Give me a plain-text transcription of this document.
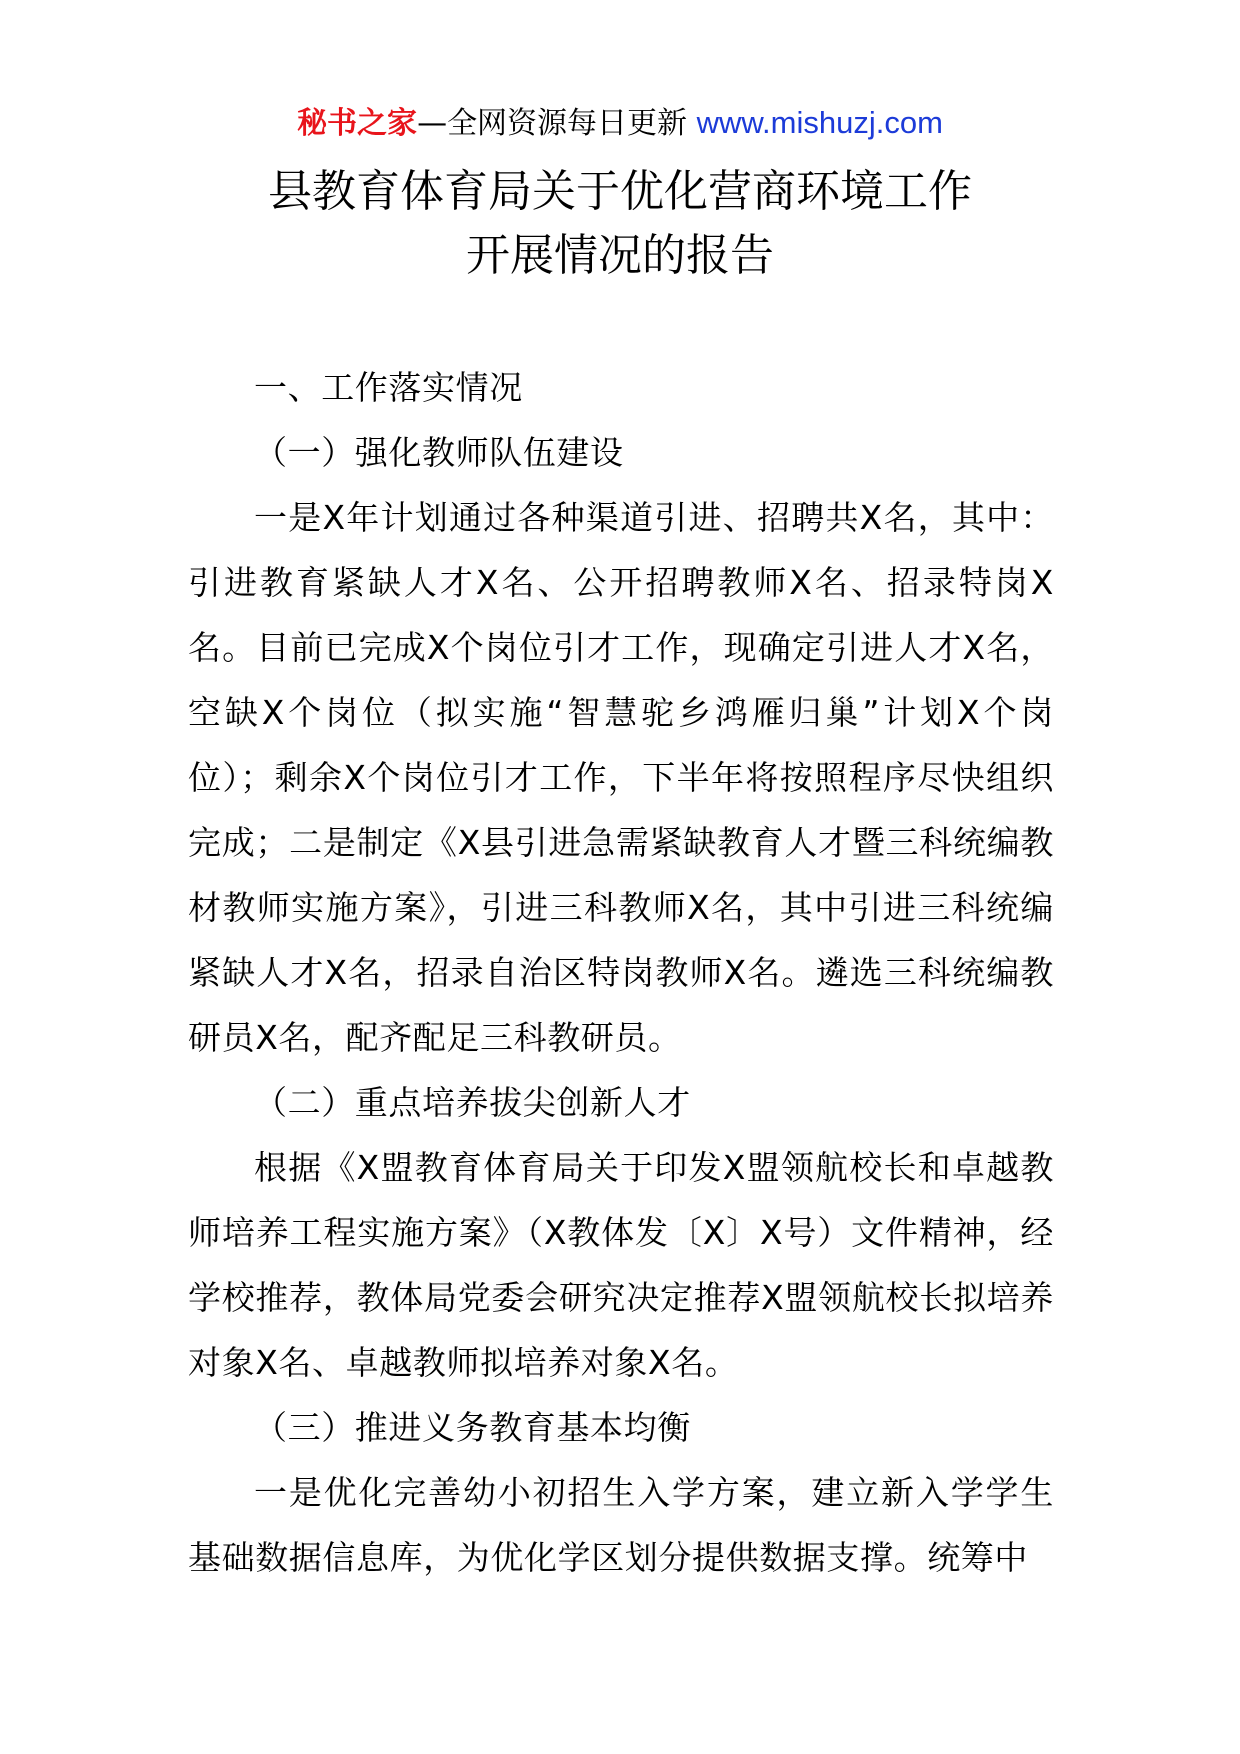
秘书之家—全网资源每日更新 www.mishuzj.com
县教育体育局关于优化营商环境工作
开展情况的报告

一、工作落实情况

（一）强化教师队伍建设

一是X年计划通过各种渠道引进、招聘共X名，其中：引进教育紧缺人才X名、公开招聘教师X名、招录特岗X名。目前已完成X个岗位引才工作，现确定引进人才X名，空缺X个岗位（拟实施“智慧驼乡鸿雁归巢”计划X个岗位）；剩余X个岗位引才工作，下半年将按照程序尽快组织完成；二是制定《X县引进急需紧缺教育人才暨三科统编教材教师实施方案》，引进三科教师X名，其中引进三科统编紧缺人才X名，招录自治区特岗教师X名。遴选三科统编教研员X名，配齐配足三科教研员。

（二）重点培养拔尖创新人才

根据《X盟教育体育局关于印发X盟领航校长和卓越教师培养工程实施方案》（X教体发〔X〕X号）文件精神，经学校推荐，教体局党委会研究决定推荐X盟领航校长拟培养对象X名、卓越教师拟培养对象X名。

（三）推进义务教育基本均衡

一是优化完善幼小初招生入学方案，建立新入学学生基础数据信息库，为优化学区划分提供数据支撑。统筹中
